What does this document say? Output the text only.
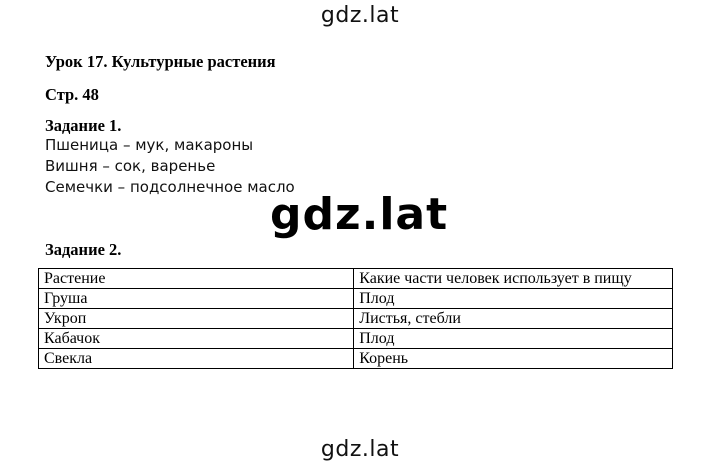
gdz.lat
Урок 17. Культурные растения
Стр. 48
Задание 1.
Пшеница – мук, макароны
Вишня – сок, варенье
Семечки – подсолнечное масло
gdz.lat
Задание 2.
Растение	Какие части человек использует в пищу
Груша	Плод
Укроп	Листья, стебли
Кабачок	Плод
Свекла	Корень
gdz.lat
